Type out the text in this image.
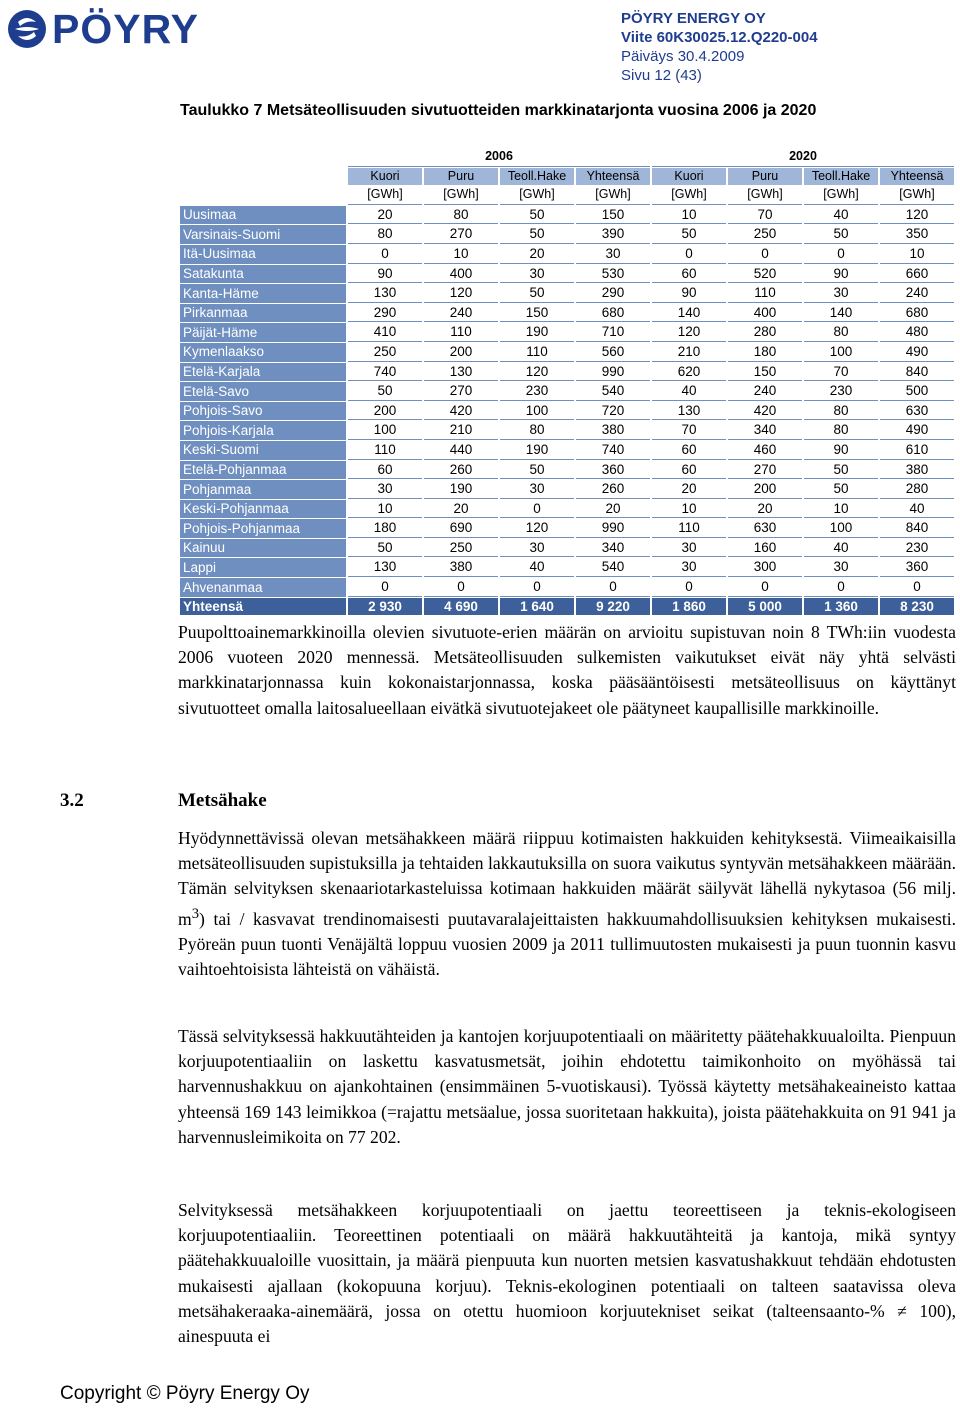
PÖYRY	PÖYRY ENERGY OY
Viite 60K30025.12.Q220-004
Päiväys 30.4.2009
Sivu 12 (43)
Taulukko 7 Metsäteollisuuden sivutuotteiden markkinatarjonta vuosina 2006 ja 2020
	2006				2020			
	Kuori	Puru	Teoll.Hake	Yhteensä	Kuori	Puru	Teoll.Hake	Yhteensä
	[GWh]	[GWh]	[GWh]	[GWh]	[GWh]	[GWh]	[GWh]	[GWh]
Uusimaa	20	80	50	150	10	70	40	120
Varsinais-Suomi	80	270	50	390	50	250	50	350
Itä-Uusimaa	0	10	20	30	0	0	0	10
Satakunta	90	400	30	530	60	520	90	660
Kanta-Häme	130	120	50	290	90	110	30	240
Pirkanmaa	290	240	150	680	140	400	140	680
Päijät-Häme	410	110	190	710	120	280	80	480
Kymenlaakso	250	200	110	560	210	180	100	490
Etelä-Karjala	740	130	120	990	620	150	70	840
Etelä-Savo	50	270	230	540	40	240	230	500
Pohjois-Savo	200	420	100	720	130	420	80	630
Pohjois-Karjala	100	210	80	380	70	340	80	490
Keski-Suomi	110	440	190	740	60	460	90	610
Etelä-Pohjanmaa	60	260	50	360	60	270	50	380
Pohjanmaa	30	190	30	260	20	200	50	280
Keski-Pohjanmaa	10	20	0	20	10	20	10	40
Pohjois-Pohjanmaa	180	690	120	990	110	630	100	840
Kainuu	50	250	30	340	30	160	40	230
Lappi	130	380	40	540	30	300	30	360
Ahvenanmaa	0	0	0	0	0	0	0	0
Yhteensä	2 930	4 690	1 640	9 220	1 860	5 000	1 360	8 230
Puupolttoainemarkkinoilla olevien sivutuote-erien määrän on arvioitu supistuvan noin 8 TWh:iin vuodesta 2006 vuoteen 2020 mennessä. Metsäteollisuuden sulkemisten vaikutukset eivät näy yhtä selvästi markkinatarjonnassa kuin kokonaistarjonnassa, koska pääsääntöisesti metsäteollisuus on käyttänyt sivutuotteet omalla laitosalueellaan eivätkä sivutuotejakeet ole päätyneet kaupallisille markkinoille.
3.2	Metsähake
Hyödynnettävissä olevan metsähakkeen määrä riippuu kotimaisten hakkuiden kehityksestä. Viimeaikaisilla metsäteollisuuden supistuksilla ja tehtaiden lakkautuksilla on suora vaikutus syntyvän metsähakkeen määrään. Tämän selvityksen skenaariotarkasteluissa kotimaan hakkuiden määrät säilyvät lähellä nykytasoa (56 milj. $m^3$) tai / kasvavat trendinomaisesti puutavaralajeittaisten hakkuumahdollisuuksien kehityksen mukaisesti. Pyöreän puun tuonti Venäjältä loppuu vuosien 2009 ja 2011 tullimuutosten mukaisesti ja puun tuonnin kasvu vaihtoehtoisista lähteistä on vähäistä.
Tässä selvityksessä hakkuutähteiden ja kantojen korjuupotentiaali on määritetty päätehakkuualoilta. Pienpuun korjuupotentiaaliin on laskettu kasvatusmetsät, joihin ehdotettu taimikonhoito on myöhässä tai harvennushakkuu on ajankohtainen (ensimmäinen 5-vuotiskausi). Työssä käytetty metsähakeaineisto kattaa yhteensä 169 143 leimikkoa (=rajattu metsäalue, jossa suoritetaan hakkuita), joista päätehakkuita on 91 941 ja harvennusleimikoita on 77 202.
Selvityksessä metsähakkeen korjuupotentiaali on jaettu teoreettiseen ja teknis-ekologiseen korjuupotentiaaliin. Teoreettinen potentiaali on määrä hakkuutähteitä ja kantoja, mikä syntyy päätehakkuualoille vuosittain, ja määrä pienpuuta kun nuorten metsien kasvatushakkuut tehdään ehdotusten mukaisesti ajallaan (kokopuuna korjuu). Teknis-ekologinen potentiaali on talteen saatavissa oleva metsähakeraaka-ainemäärä, jossa on otettu huomioon korjuutekniset seikat (talteensaanto-% ≠ 100), ainespuuta ei
Copyright © Pöyry Energy Oy
